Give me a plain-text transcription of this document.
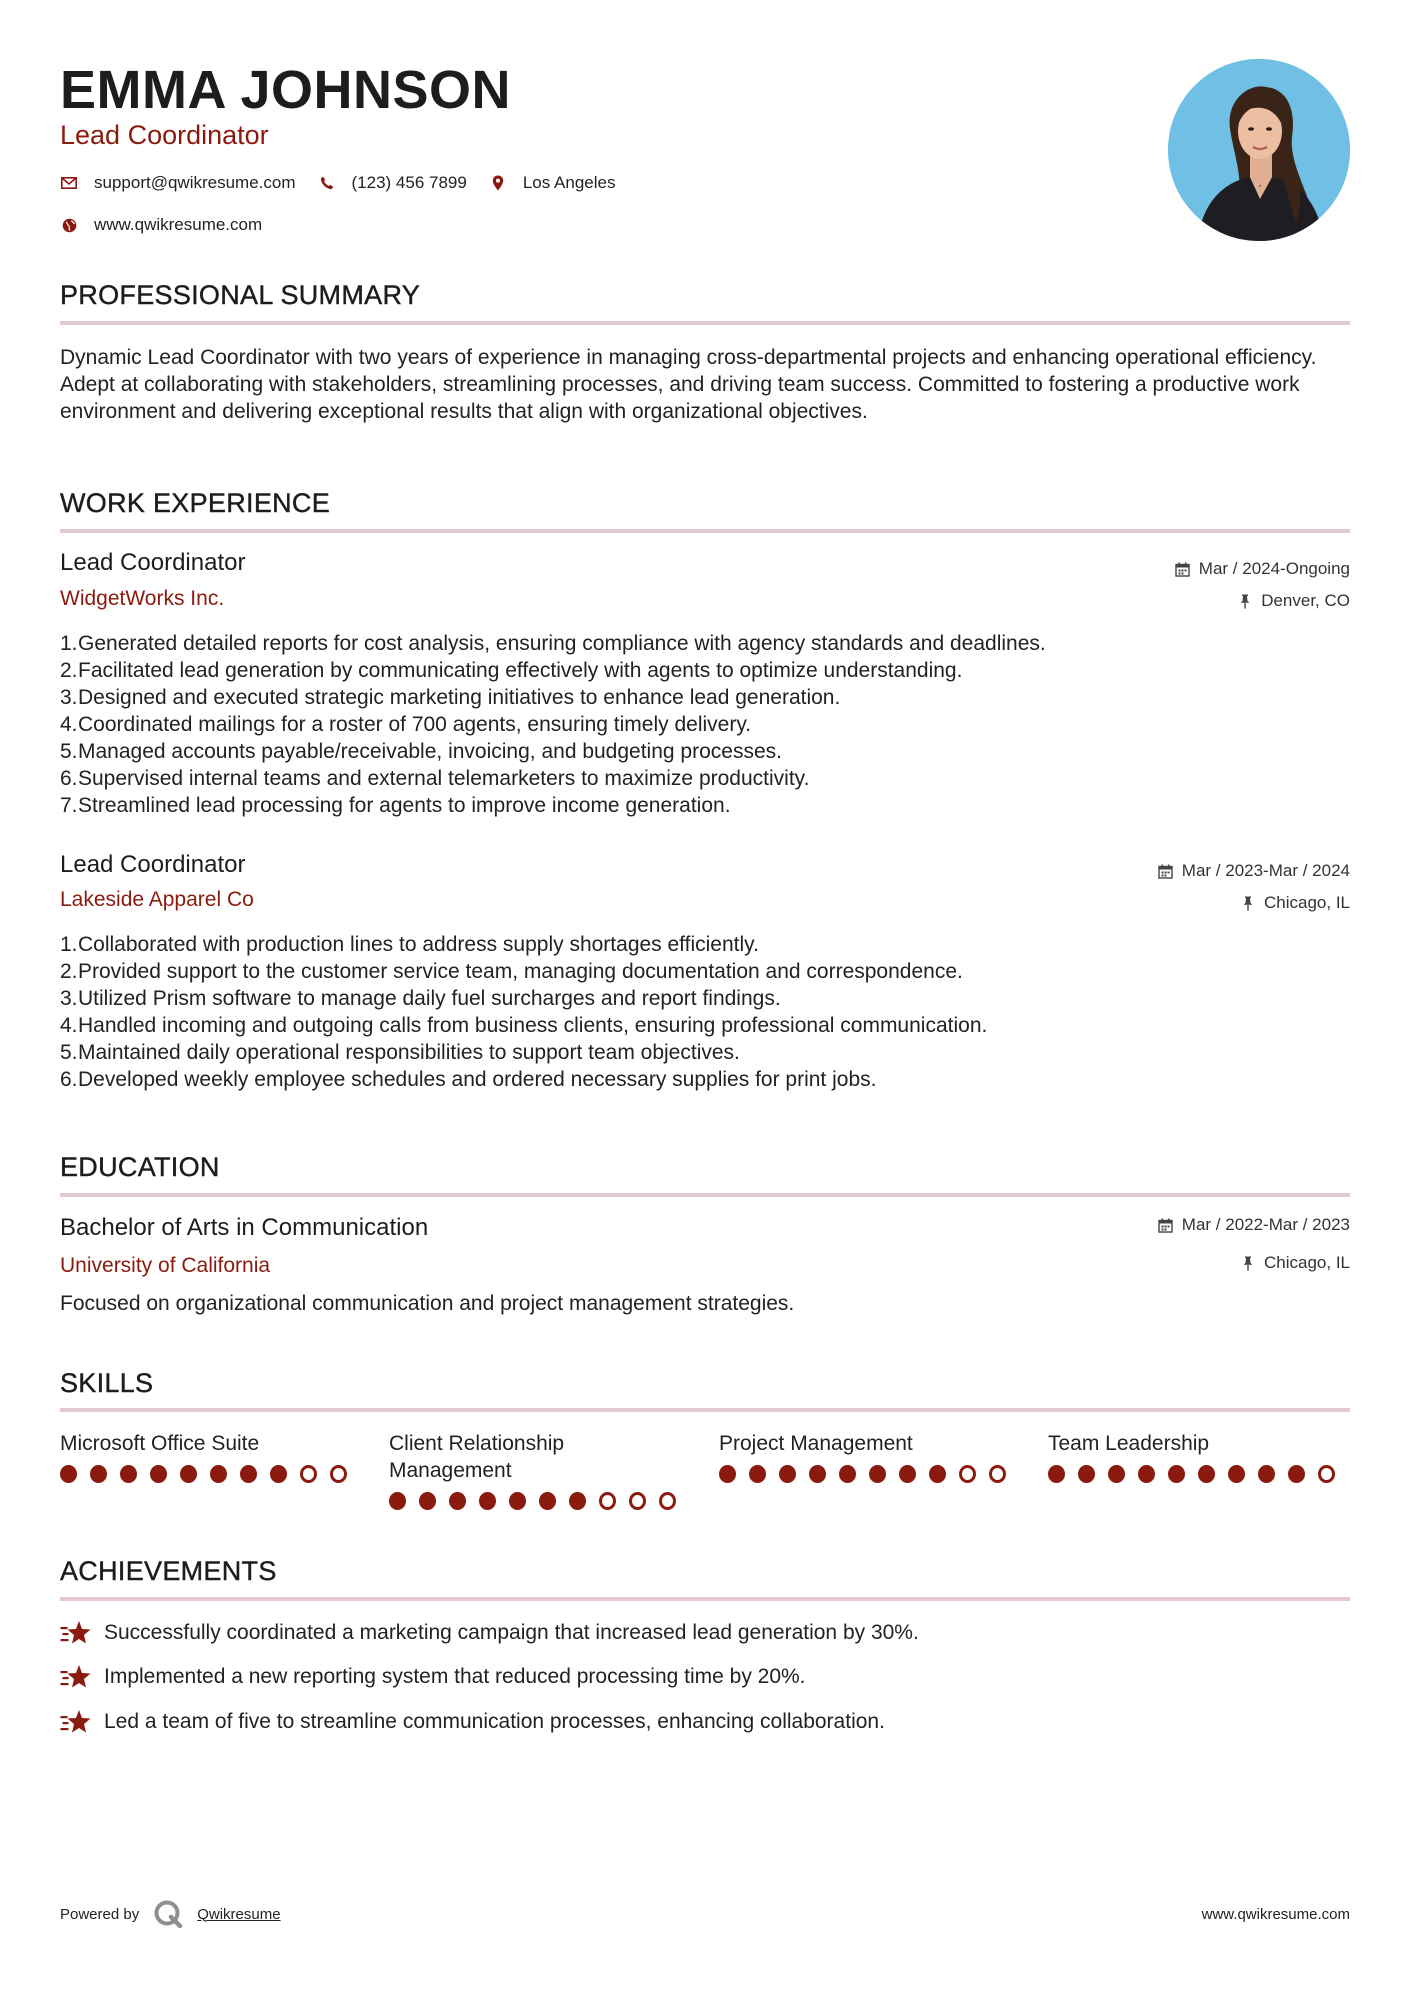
EMMA JOHNSON
Lead Coordinator
support@qwikresume.com	(123) 456 7899	Los Angeles
www.qwikresume.com
PROFESSIONAL SUMMARY
Dynamic Lead Coordinator with two years of experience in managing cross-departmental projects and enhancing operational efficiency. Adept at collaborating with stakeholders, streamlining processes, and driving team success. Committed to fostering a productive work environment and delivering exceptional results that align with organizational objectives.
WORK EXPERIENCE
Lead Coordinator	Mar / 2024-Ongoing
WidgetWorks Inc.	Denver, CO
1. Generated detailed reports for cost analysis, ensuring compliance with agency standards and deadlines.
2. Facilitated lead generation by communicating effectively with agents to optimize understanding.
3. Designed and executed strategic marketing initiatives to enhance lead generation.
4. Coordinated mailings for a roster of 700 agents, ensuring timely delivery.
5. Managed accounts payable/receivable, invoicing, and budgeting processes.
6. Supervised internal teams and external telemarketers to maximize productivity.
7. Streamlined lead processing for agents to improve income generation.
Lead Coordinator	Mar / 2023-Mar / 2024
Lakeside Apparel Co	Chicago, IL
1. Collaborated with production lines to address supply shortages efficiently.
2. Provided support to the customer service team, managing documentation and correspondence.
3. Utilized Prism software to manage daily fuel surcharges and report findings.
4. Handled incoming and outgoing calls from business clients, ensuring professional communication.
5. Maintained daily operational responsibilities to support team objectives.
6. Developed weekly employee schedules and ordered necessary supplies for print jobs.
EDUCATION
Bachelor of Arts in Communication	Mar / 2022-Mar / 2023
University of California	Chicago, IL
Focused on organizational communication and project management strategies.
SKILLS
Microsoft Office Suite	Client Relationship Management
Project Management	Team Leadership
ACHIEVEMENTS
Successfully coordinated a marketing campaign that increased lead generation by 30%.
Implemented a new reporting system that reduced processing time by 20%.
Led a team of five to streamline communication processes, enhancing collaboration.
Powered by	Qwikresume	www.qwikresume.com
